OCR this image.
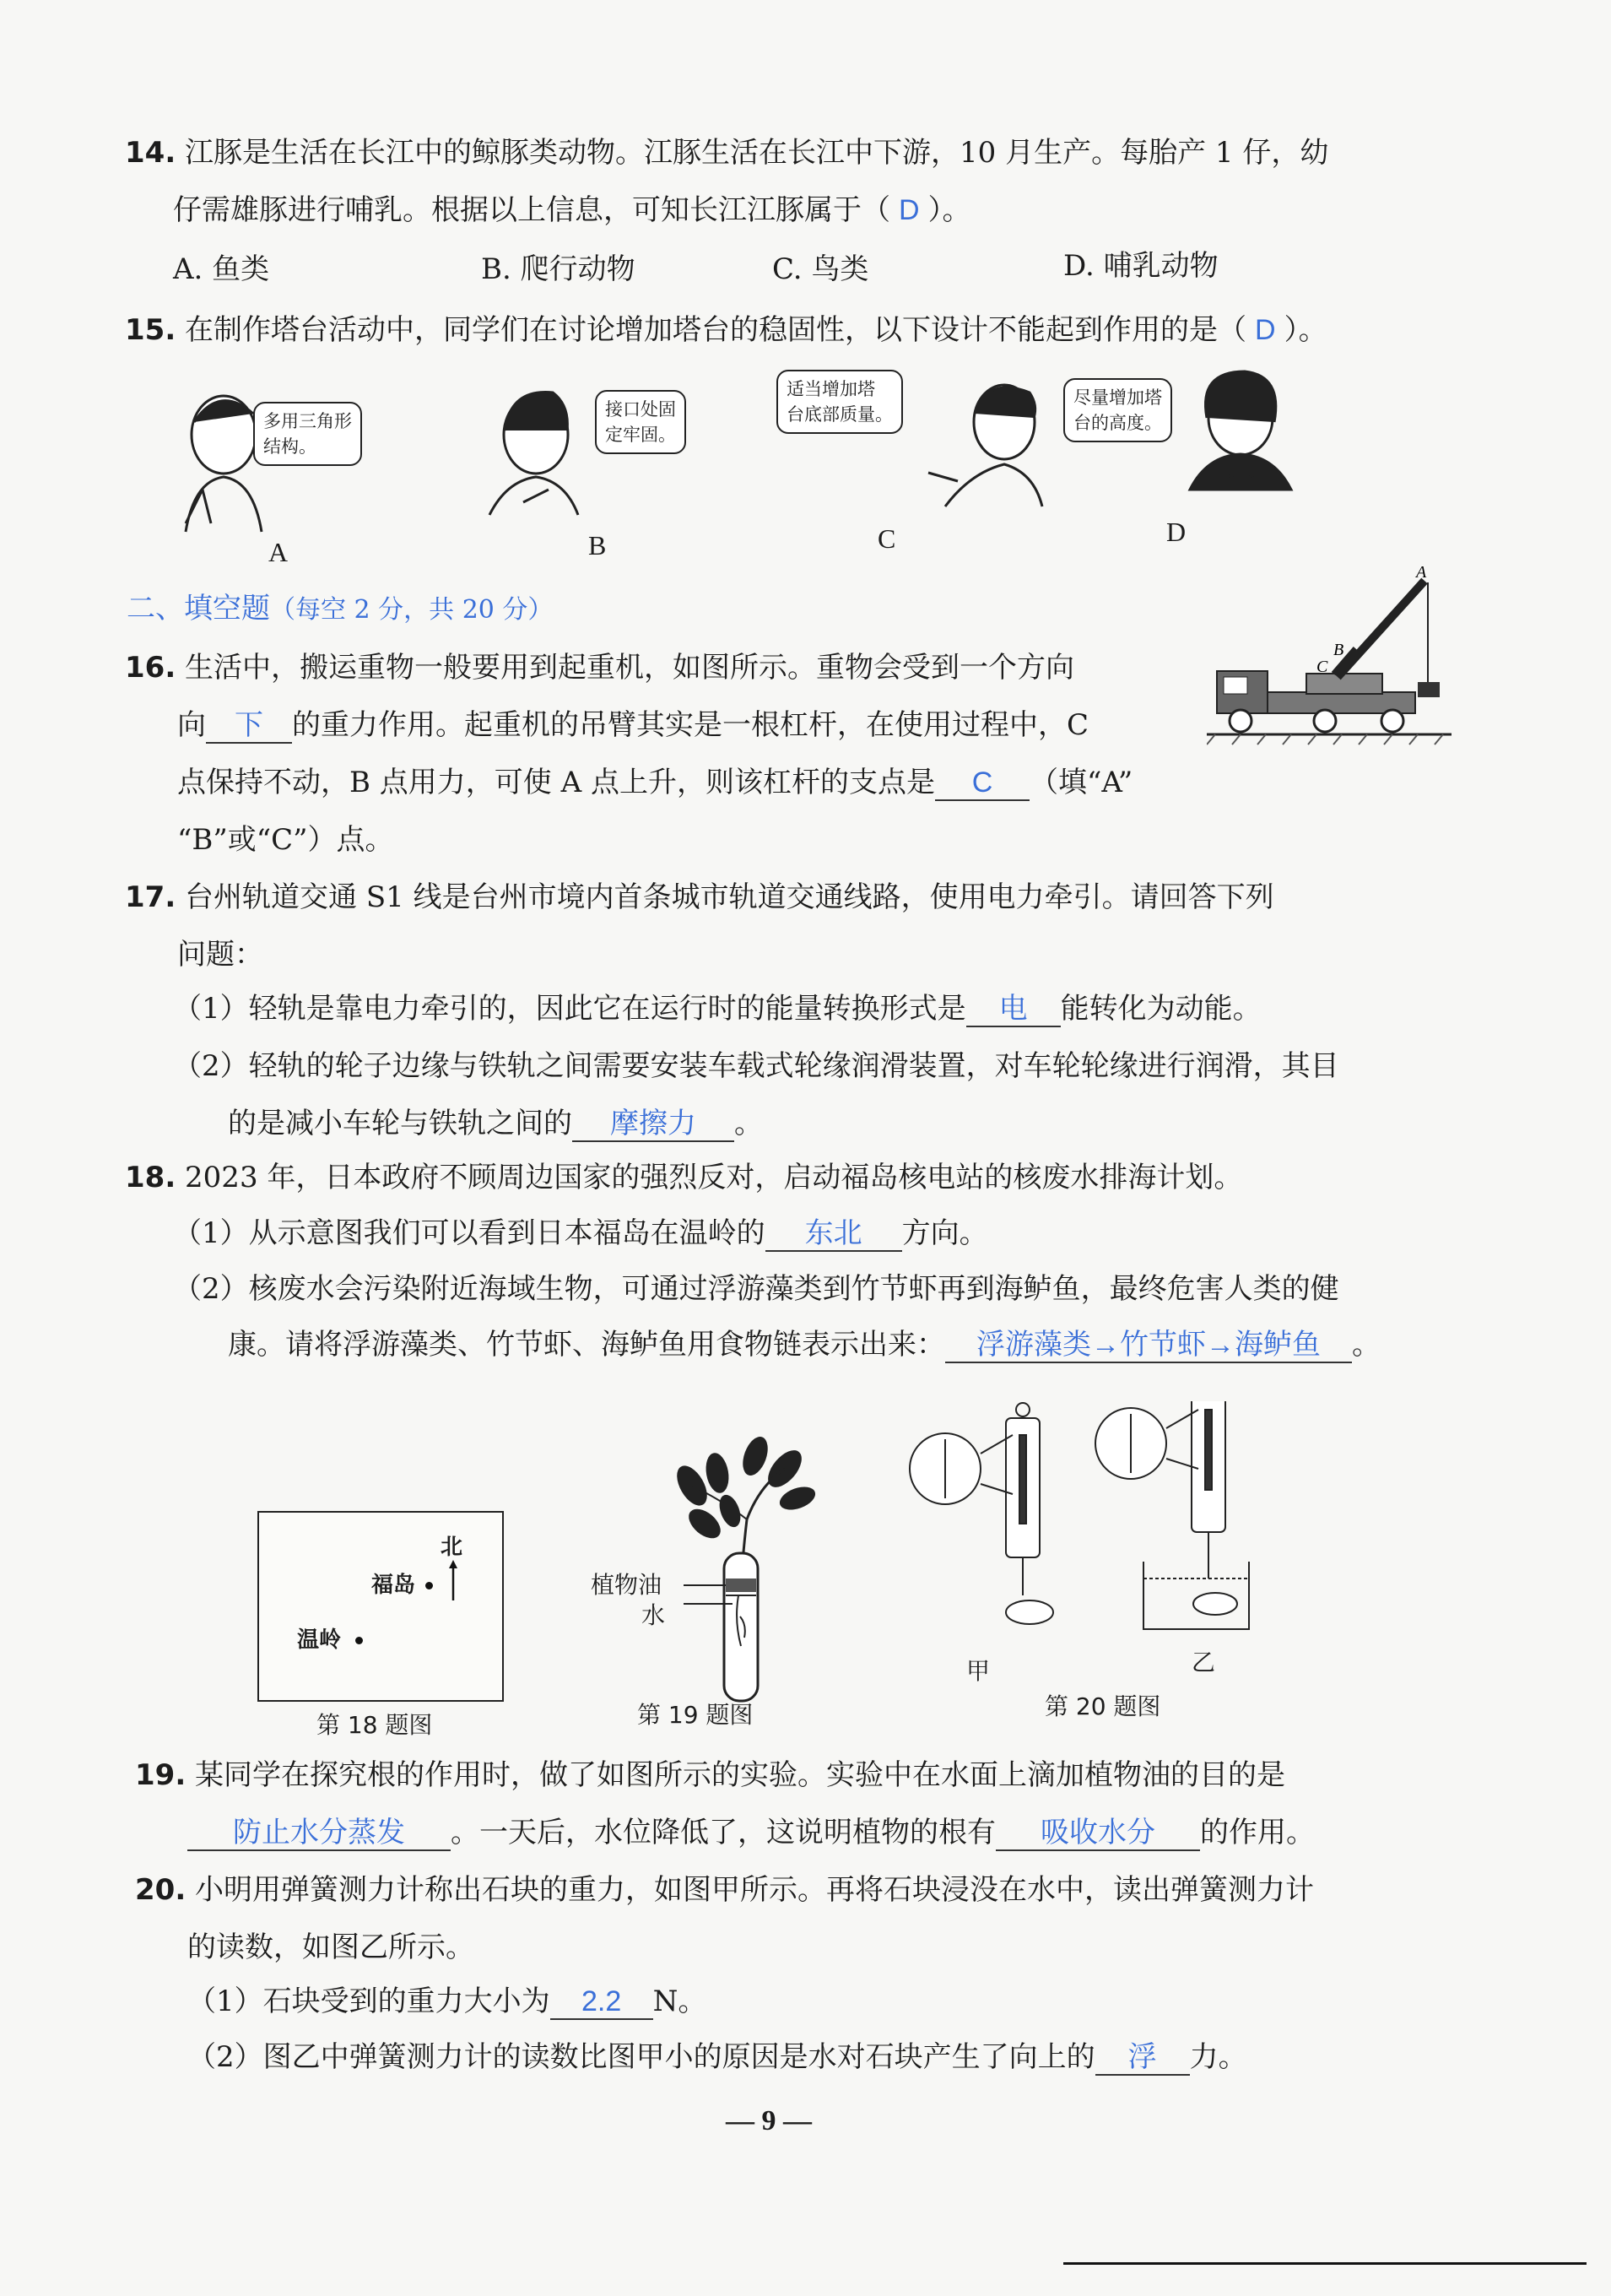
14. 江豚是生活在长江中的鲸豚类动物。江豚生活在长江中下游，10 月生产。每胎产 1 仔，幼
仔需雄豚进行哺乳。根据以上信息，可知长江江豚属于（ D ）。
A. 鱼类	B. 爬行动物	C. 鸟类	D. 哺乳动物
15. 在制作塔台活动中，同学们在讨论增加塔台的稳固性，以下设计不能起到作用的是（ D ）。
多用三角形
结构。
接口处固
定牢固。
适当增加塔
台底部质量。
尽量增加塔
台的高度。
A	B	C	D
二、填空题（每空 2 分，共 20 分）
16. 生活中，搬运重物一般要用到起重机，如图所示。重物会受到一个方向
向 下 的重力作用。起重机的吊臂其实是一根杠杆，在使用过程中，C
点保持不动，B 点用力，可使 A 点上升，则该杠杆的支点是 C （填“A”
“B”或“C”）点。
A
B
C
17. 台州轨道交通 S1 线是台州市境内首条城市轨道交通线路，使用电力牵引。请回答下列
问题：
（1）轻轨是靠电力牵引的，因此它在运行时的能量转换形式是 电 能转化为动能。
（2）轻轨的轮子边缘与铁轨之间需要安装车载式轮缘润滑装置，对车轮轮缘进行润滑，其目
的是减小车轮与铁轨之间的 摩擦力 。
18. 2023 年，日本政府不顾周边国家的强烈反对，启动福岛核电站的核废水排海计划。
（1）从示意图我们可以看到日本福岛在温岭的 东北 方向。
（2）核废水会污染附近海域生物，可通过浮游藻类到竹节虾再到海鲈鱼，最终危害人类的健
康。请将浮游藻类、竹节虾、海鲈鱼用食物链表示出来： 浮游藻类→竹节虾→海鲈鱼 。
北
福岛
温岭
第 18 题图
植物油
水
第 19 题图
甲	乙
第 20 题图
19. 某同学在探究根的作用时，做了如图所示的实验。实验中在水面上滴加植物油的目的是
防止水分蒸发 。一天后，水位降低了，这说明植物的根有 吸收水分 的作用。
20. 小明用弹簧测力计称出石块的重力，如图甲所示。再将石块浸没在水中，读出弹簧测力计
的读数，如图乙所示。
（1）石块受到的重力大小为 2.2 N。
（2）图乙中弹簧测力计的读数比图甲小的原因是水对石块产生了向上的 浮 力。
— 9 —
